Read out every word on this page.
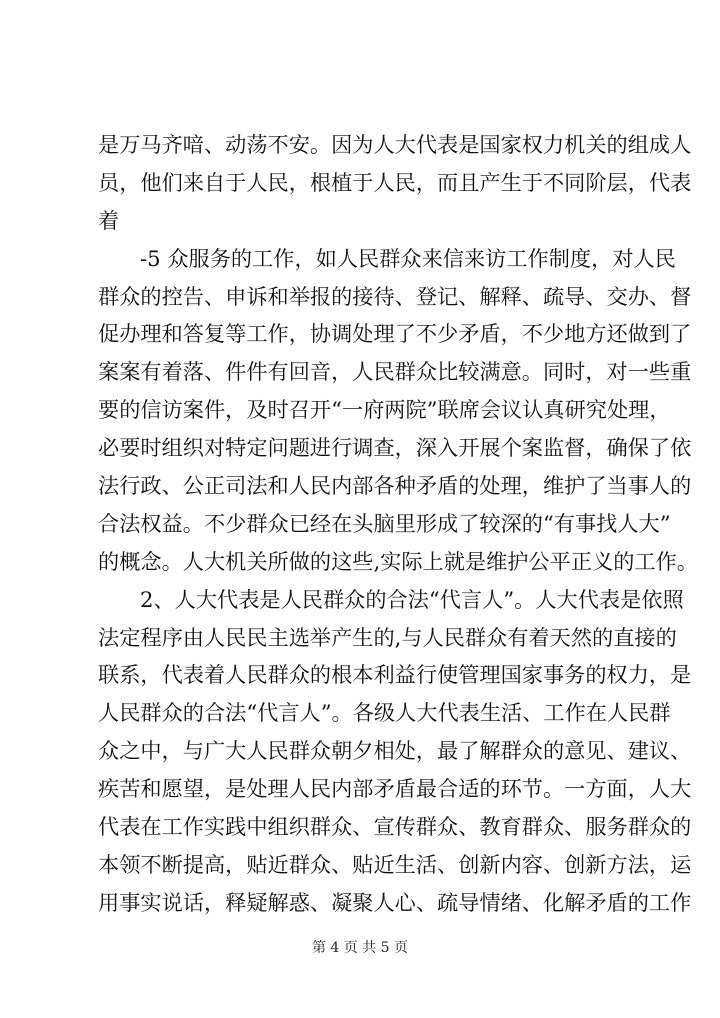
是万马齐喑、动荡不安。因为人大代表是国家权力机关的组成人
员，他们来自于人民，根植于人民，而且产生于不同阶层，代表
着
-5 众服务的工作，如人民群众来信来访工作制度，对人民
群众的控告、申诉和举报的接待、登记、解释、疏导、交办、督
促办理和答复等工作，协调处理了不少矛盾，不少地方还做到了
案案有着落、件件有回音，人民群众比较满意。同时，对一些重
要的信访案件，及时召开“一府两院”联席会议认真研究处理，
必要时组织对特定问题进行调查，深入开展个案监督，确保了依
法行政、公正司法和人民内部各种矛盾的处理，维护了当事人的
合法权益。不少群众已经在头脑里形成了较深的“有事找人大”
的概念。人大机关所做的这些,实际上就是维护公平正义的工作。
2、人大代表是人民群众的合法“代言人”。人大代表是依照
法定程序由人民民主选举产生的,与人民群众有着天然的直接的
联系，代表着人民群众的根本利益行使管理国家事务的权力，是
人民群众的合法“代言人”。各级人大代表生活、工作在人民群
众之中，与广大人民群众朝夕相处，最了解群众的意见、建议、
疾苦和愿望，是处理人民内部矛盾最合适的环节。一方面，人大
代表在工作实践中组织群众、宣传群众、教育群众、服务群众的
本领不断提高，贴近群众、贴近生活、创新内容、创新方法，运
用事实说话，释疑解惑、凝聚人心、疏导情绪、化解矛盾的工作
第 4 页 共 5 页
